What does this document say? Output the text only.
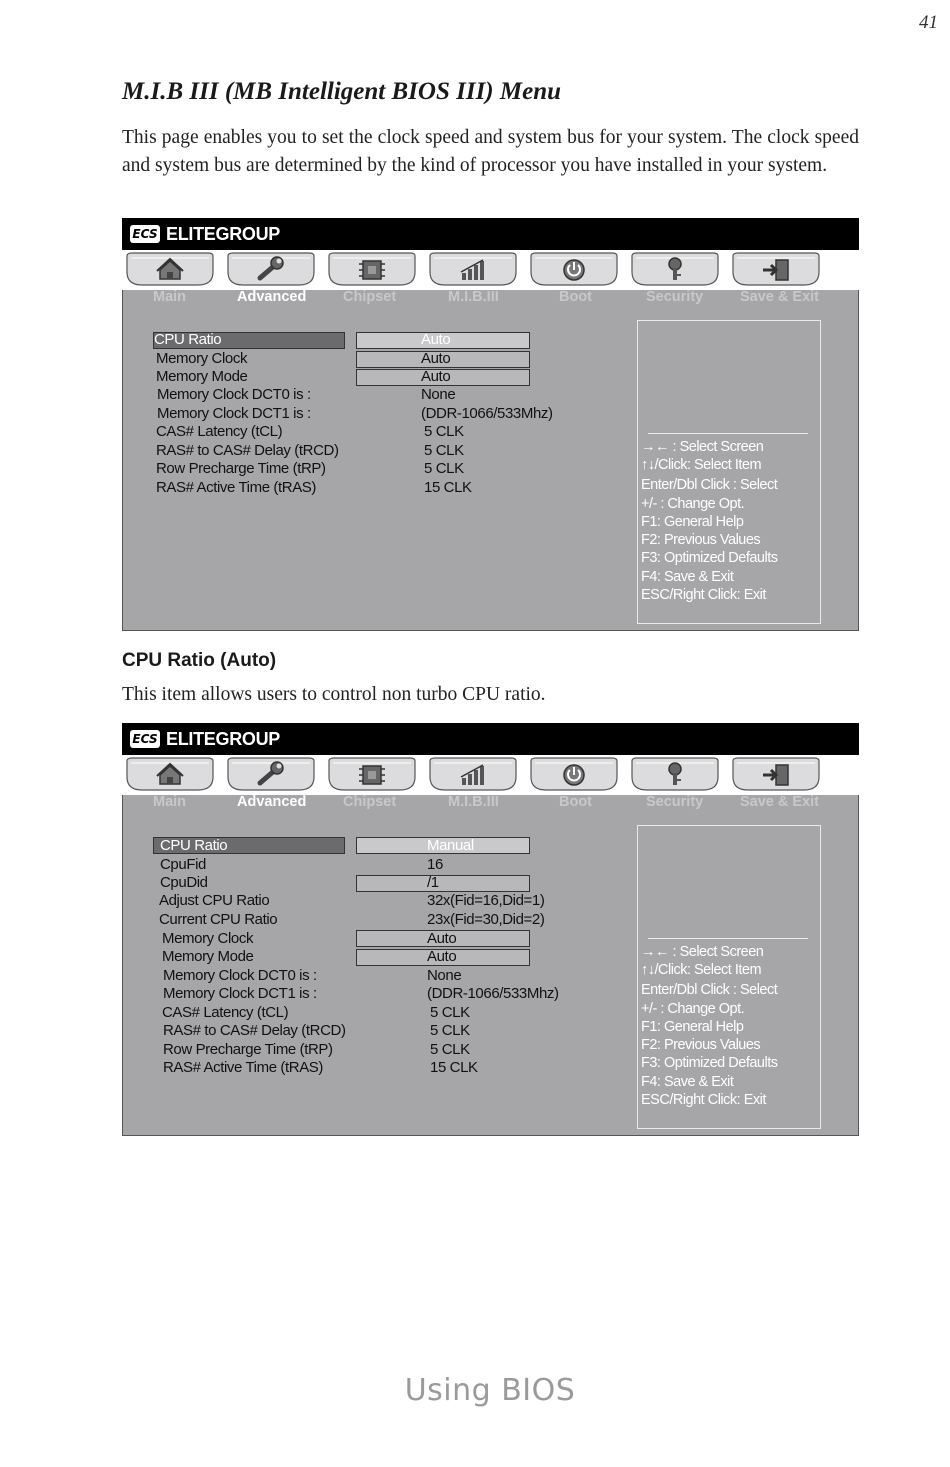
41
M.I.B III (MB Intelligent BIOS III) Menu

This page enables you to set the clock speed and system bus for your system. The clock speed and system bus are determined by the kind of processor you have installed in your system.

ECS ELITEGROUP
Main	Advanced	Chipset	M.I.B.III	Boot	Security	Save & Exit
CPU Ratio	Auto
Memory Clock	Auto
Memory Mode	Auto
Memory Clock DCT0 is :	None
Memory Clock DCT1 is :	(DDR-1066/533Mhz)
CAS# Latency (tCL)	5 CLK
RAS# to CAS# Delay (tRCD)	5 CLK
Row Precharge Time (tRP)	5 CLK
RAS# Active Time (tRAS)	15 CLK
→← : Select Screen
↑↓/Click: Select Item
Enter/Dbl Click : Select
+/- : Change Opt.
F1: General Help
F2: Previous Values
F3: Optimized Defaults
F4: Save & Exit
ESC/Right Click: Exit
CPU Ratio (Auto)

This item allows users to control non turbo CPU ratio.

ECS ELITEGROUP
Main	Advanced	Chipset	M.I.B.III	Boot	Security	Save & Exit
CPU Ratio	Manual
CpuFid	16
CpuDid	/1
Adjust CPU Ratio	32x(Fid=16,Did=1)
Current CPU Ratio	23x(Fid=30,Did=2)
Memory Clock	Auto
Memory Mode	Auto
Memory Clock DCT0 is :	None
Memory Clock DCT1 is :	(DDR-1066/533Mhz)
CAS# Latency (tCL)	5 CLK
RAS# to CAS# Delay (tRCD)	5 CLK
Row Precharge Time (tRP)	5 CLK
RAS# Active Time (tRAS)	15 CLK
→← : Select Screen
↑↓/Click: Select Item
Enter/Dbl Click : Select
+/- : Change Opt.
F1: General Help
F2: Previous Values
F3: Optimized Defaults
F4: Save & Exit
ESC/Right Click: Exit
Using BIOS
